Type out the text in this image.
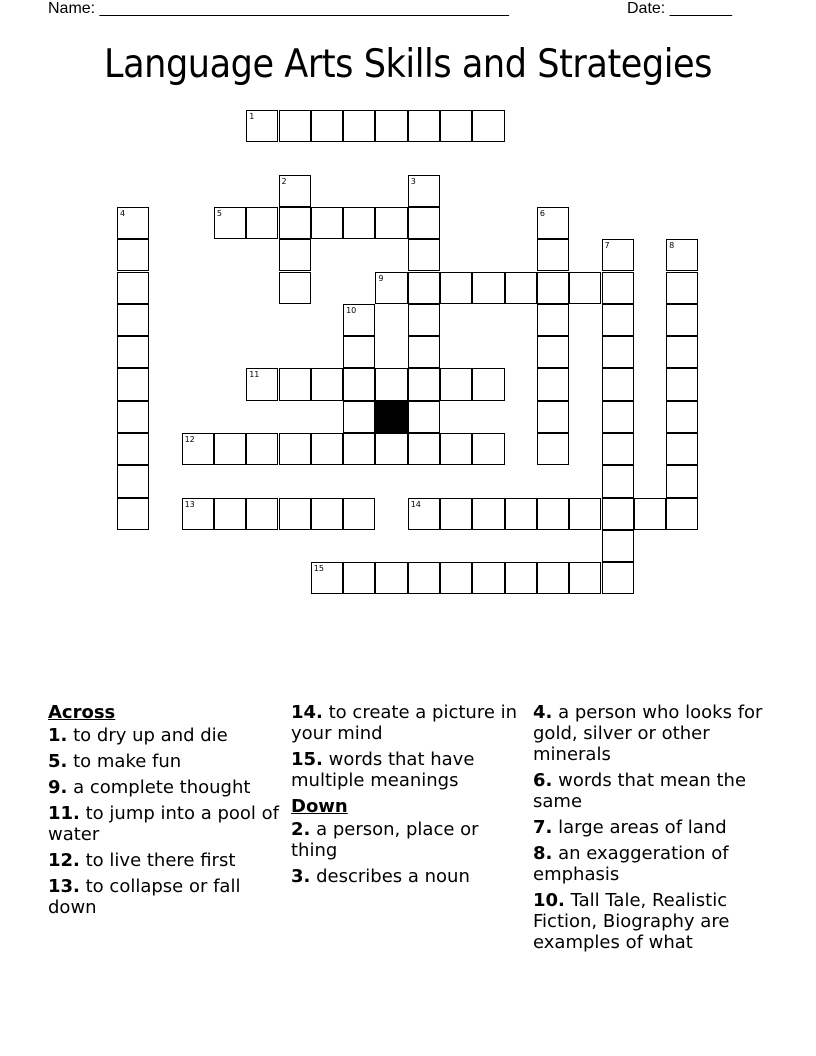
Name: ______________________________________________	Date: _______
Language Arts Skills and Strategies
1
2	3
4	5	6
7	8
9
10
11
12
13	14
15
Across
1. to dry up and die
5. to make fun
9. a complete thought
11. to jump into a pool of water
12. to live there first
13. to collapse or fall down
14. to create a picture in your mind
15. words that have multiple meanings
Down
2. a person, place or thing
3. describes a noun
4. a person who looks for gold, silver or other minerals
6. words that mean the same
7. large areas of land
8. an exaggeration of emphasis
10. Tall Tale, Realistic Fiction, Biography are examples of what
